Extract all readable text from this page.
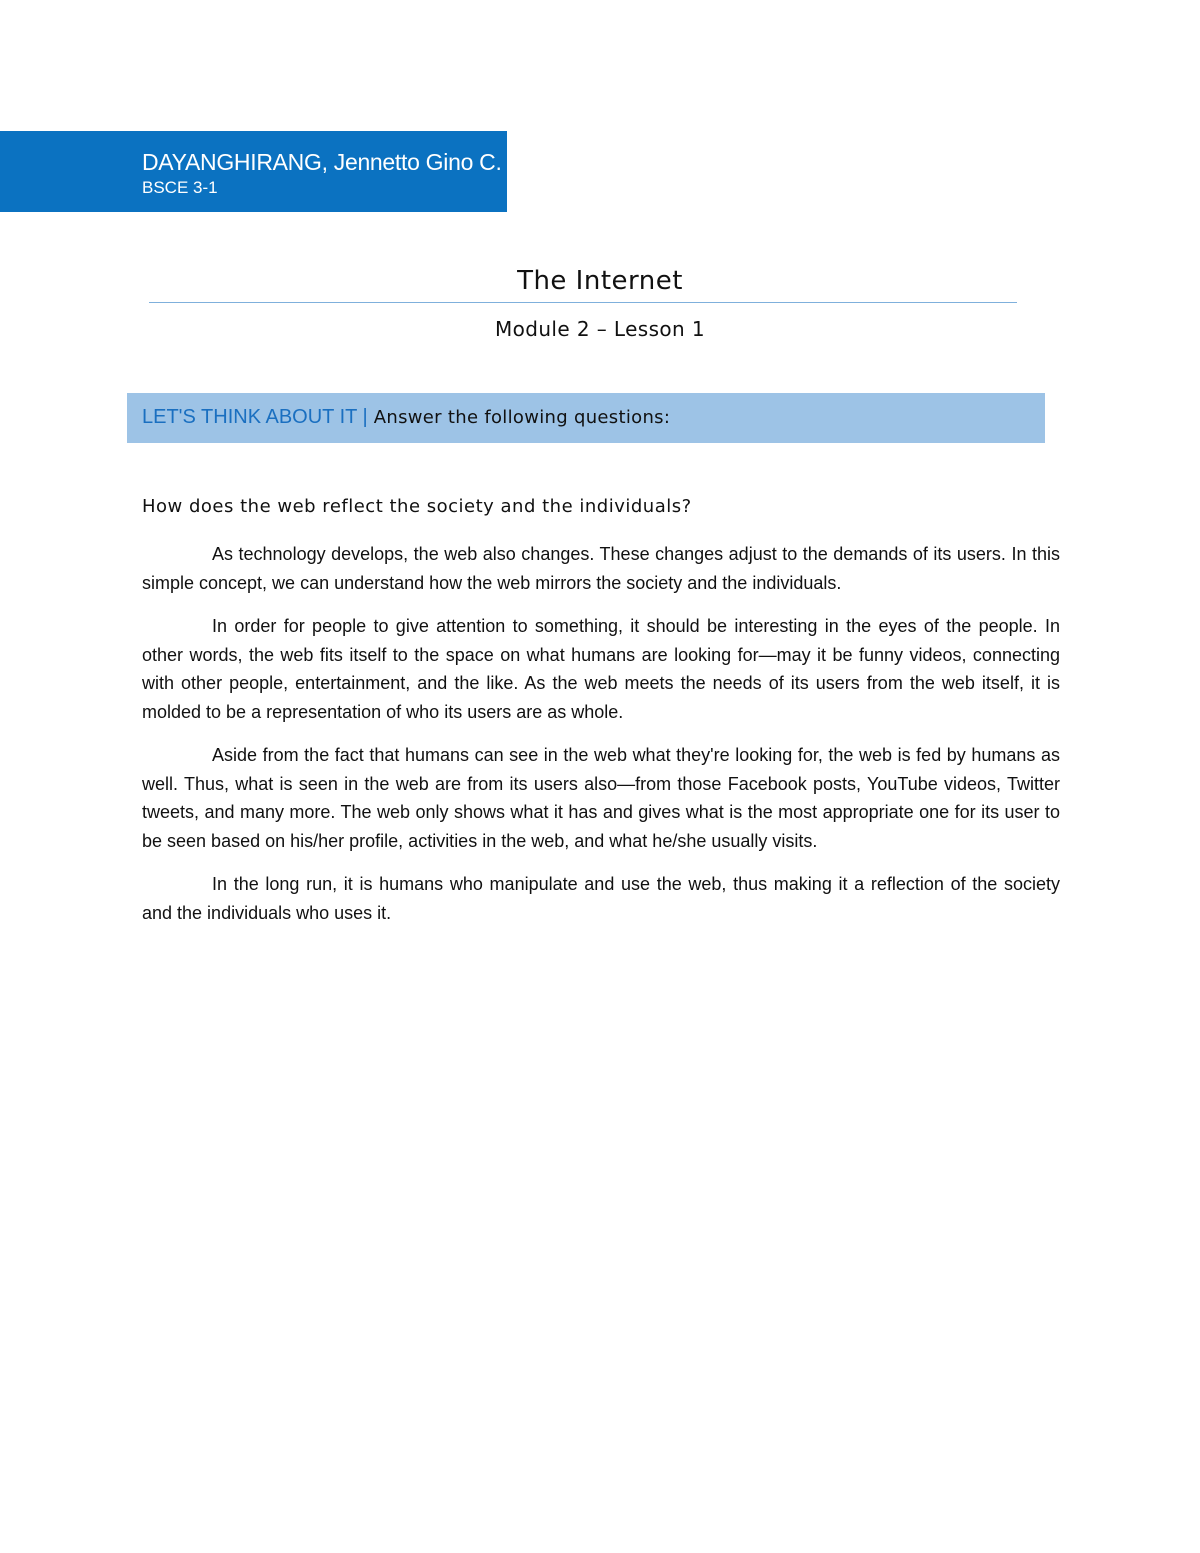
DAYANGHIRANG, Jennetto Gino C.
BSCE 3-1
The Internet
Module 2 – Lesson 1
LET'S THINK ABOUT IT | Answer the following questions:

How does the web reflect the society and the individuals?

As technology develops, the web also changes. These changes adjust to the demands of its users. In this simple concept, we can understand how the web mirrors the society and the individuals.

In order for people to give attention to something, it should be interesting in the eyes of the people. In other words, the web fits itself to the space on what humans are looking for—may it be funny videos, connecting with other people, entertainment, and the like. As the web meets the needs of its users from the web itself, it is molded to be a representation of who its users are as whole.

Aside from the fact that humans can see in the web what they're looking for, the web is fed by humans as well. Thus, what is seen in the web are from its users also—from those Facebook posts, YouTube videos, Twitter tweets, and many more. The web only shows what it has and gives what is the most appropriate one for its user to be seen based on his/her profile, activities in the web, and what he/she usually visits.

In the long run, it is humans who manipulate and use the web, thus making it a reflection of the society and the individuals who uses it.
